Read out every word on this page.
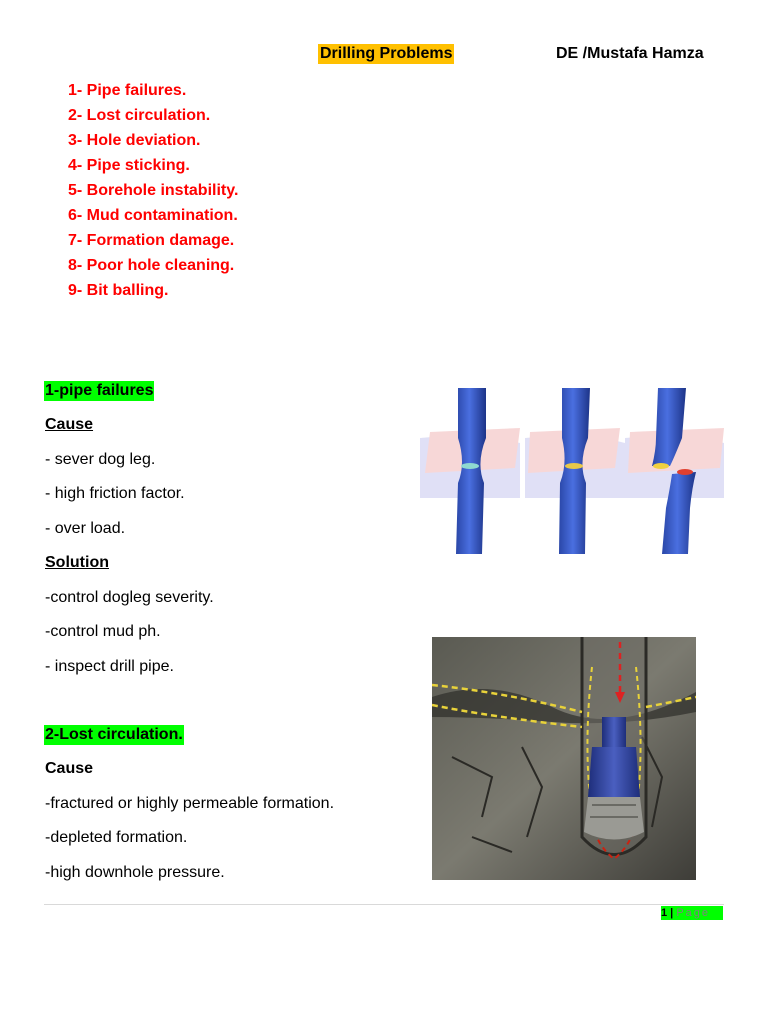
Drilling Problems	DE /Mustafa Hamza
1- Pipe failures.
2- Lost circulation.
3- Hole deviation.
4- Pipe sticking.
5- Borehole instability.
6- Mud contamination.
7- Formation damage.
8- Poor hole cleaning.
9- Bit balling.
1-pipe failures
Cause
- sever dog leg.
- high friction factor.
- over load.
Solution
-control dogleg severity.
-control mud ph.
- inspect drill pipe.
2-Lost circulation.
Cause
-fractured or highly permeable formation.
-depleted formation.
-high downhole pressure.
1 | Page
